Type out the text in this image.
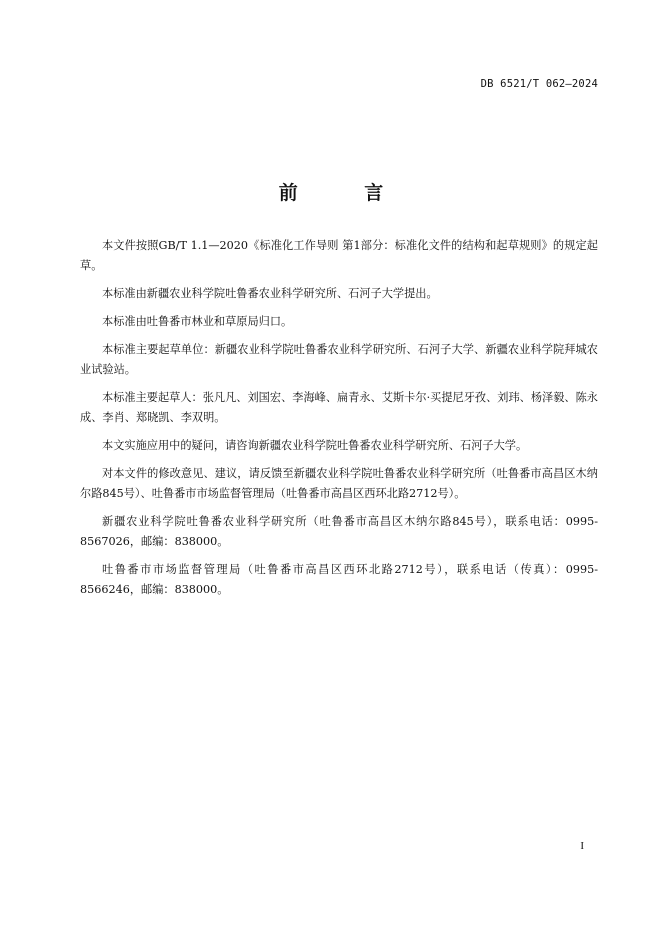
DB 6521/T 062—2024
前 言

本文件按照GB/T 1.1—2020《标准化工作导则 第1部分：标准化文件的结构和起草规则》的规定起草。

本标准由新疆农业科学院吐鲁番农业科学研究所、石河子大学提出。

本标准由吐鲁番市林业和草原局归口。

本标准主要起草单位：新疆农业科学院吐鲁番农业科学研究所、石河子大学、新疆农业科学院拜城农业试验站。

本标准主要起草人：张凡凡、刘国宏、李海峰、扁青永、艾斯卡尔·买提尼牙孜、刘玮、杨泽毅、陈永成、李肖、郑晓凯、李双明。

本文实施应用中的疑问，请咨询新疆农业科学院吐鲁番农业科学研究所、石河子大学。

对本文件的修改意见、建议，请反馈至新疆农业科学院吐鲁番农业科学研究所（吐鲁番市高昌区木纳尔路845号）、吐鲁番市市场监督管理局（吐鲁番市高昌区西环北路2712号）。

新疆农业科学院吐鲁番农业科学研究所（吐鲁番市高昌区木纳尔路845号），联系电话：0995-8567026，邮编：838000。

吐鲁番市市场监督管理局（吐鲁番市高昌区西环北路2712号），联系电话（传真）：0995-8566246，邮编：838000。

I
